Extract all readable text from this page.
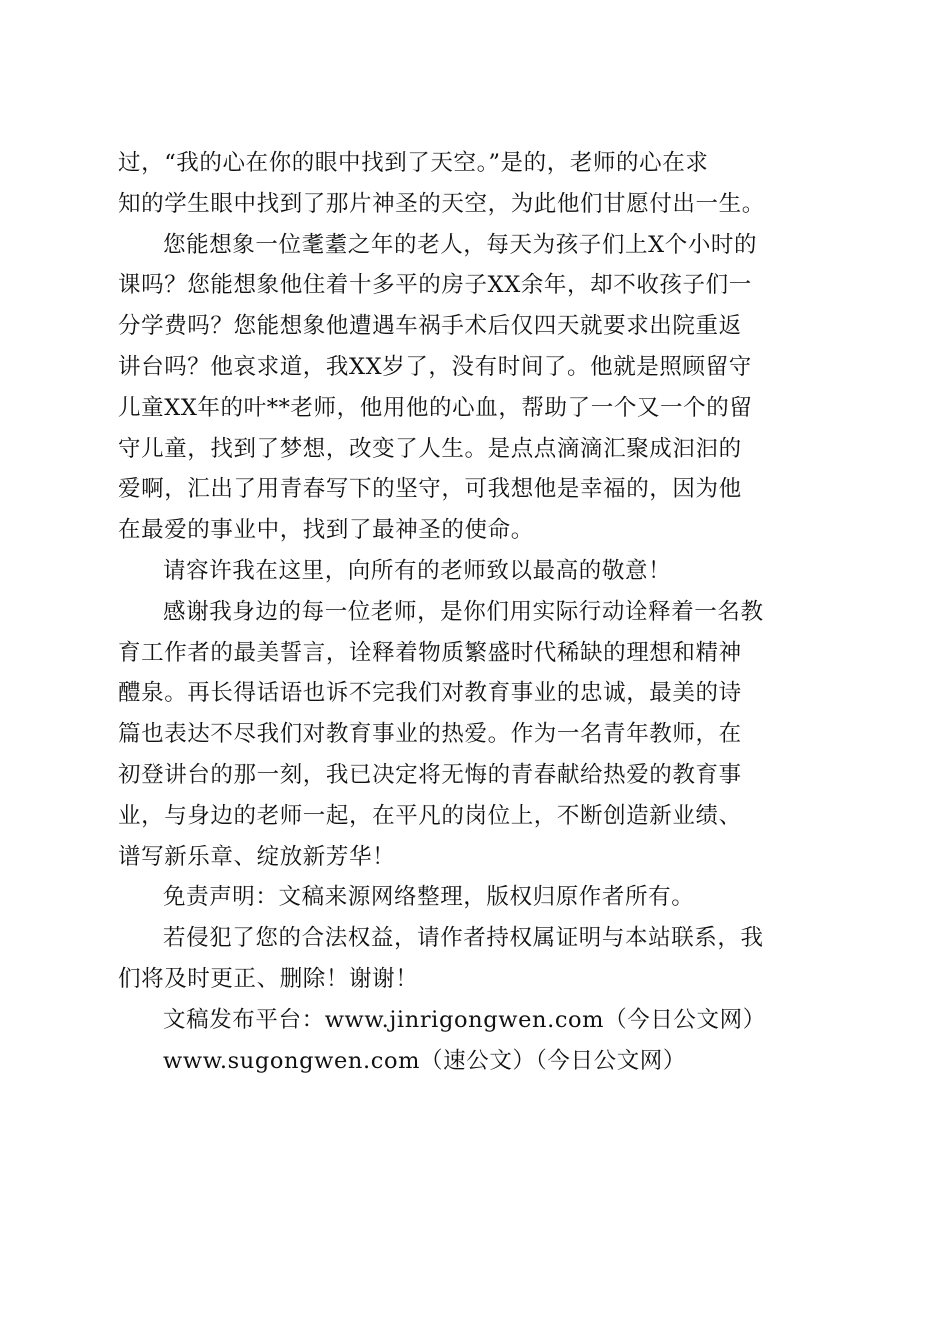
过，“我的心在你的眼中找到了天空。”是的，老师的心在求
知的学生眼中找到了那片神圣的天空，为此他们甘愿付出一生。

您能想象一位耄耋之年的老人，每天为孩子们上X个小时的
课吗？您能想象他住着十多平的房子XX余年，却不收孩子们一
分学费吗？您能想象他遭遇车祸手术后仅四天就要求出院重返
讲台吗？他哀求道，我XX岁了，没有时间了。他就是照顾留守
儿童XX年的叶**老师，他用他的心血，帮助了一个又一个的留
守儿童，找到了梦想，改变了人生。是点点滴滴汇聚成汩汩的
爱啊，汇出了用青春写下的坚守，可我想他是幸福的，因为他
在最爱的事业中，找到了最神圣的使命。

请容许我在这里，向所有的老师致以最高的敬意！

感谢我身边的每一位老师，是你们用实际行动诠释着一名教
育工作者的最美誓言，诠释着物质繁盛时代稀缺的理想和精神
醴泉。再长得话语也诉不完我们对教育事业的忠诚，最美的诗
篇也表达不尽我们对教育事业的热爱。作为一名青年教师，在
初登讲台的那一刻，我已决定将无悔的青春献给热爱的教育事
业，与身边的老师一起，在平凡的岗位上，不断创造新业绩、
谱写新乐章、绽放新芳华！

免责声明：文稿来源网络整理，版权归原作者所有。

若侵犯了您的合法权益，请作者持权属证明与本站联系，我
们将及时更正、删除！谢谢！

文稿发布平台：www.jinrigongwen.com（今日公文网）

www.sugongwen.com（速公文）（今日公文网）
